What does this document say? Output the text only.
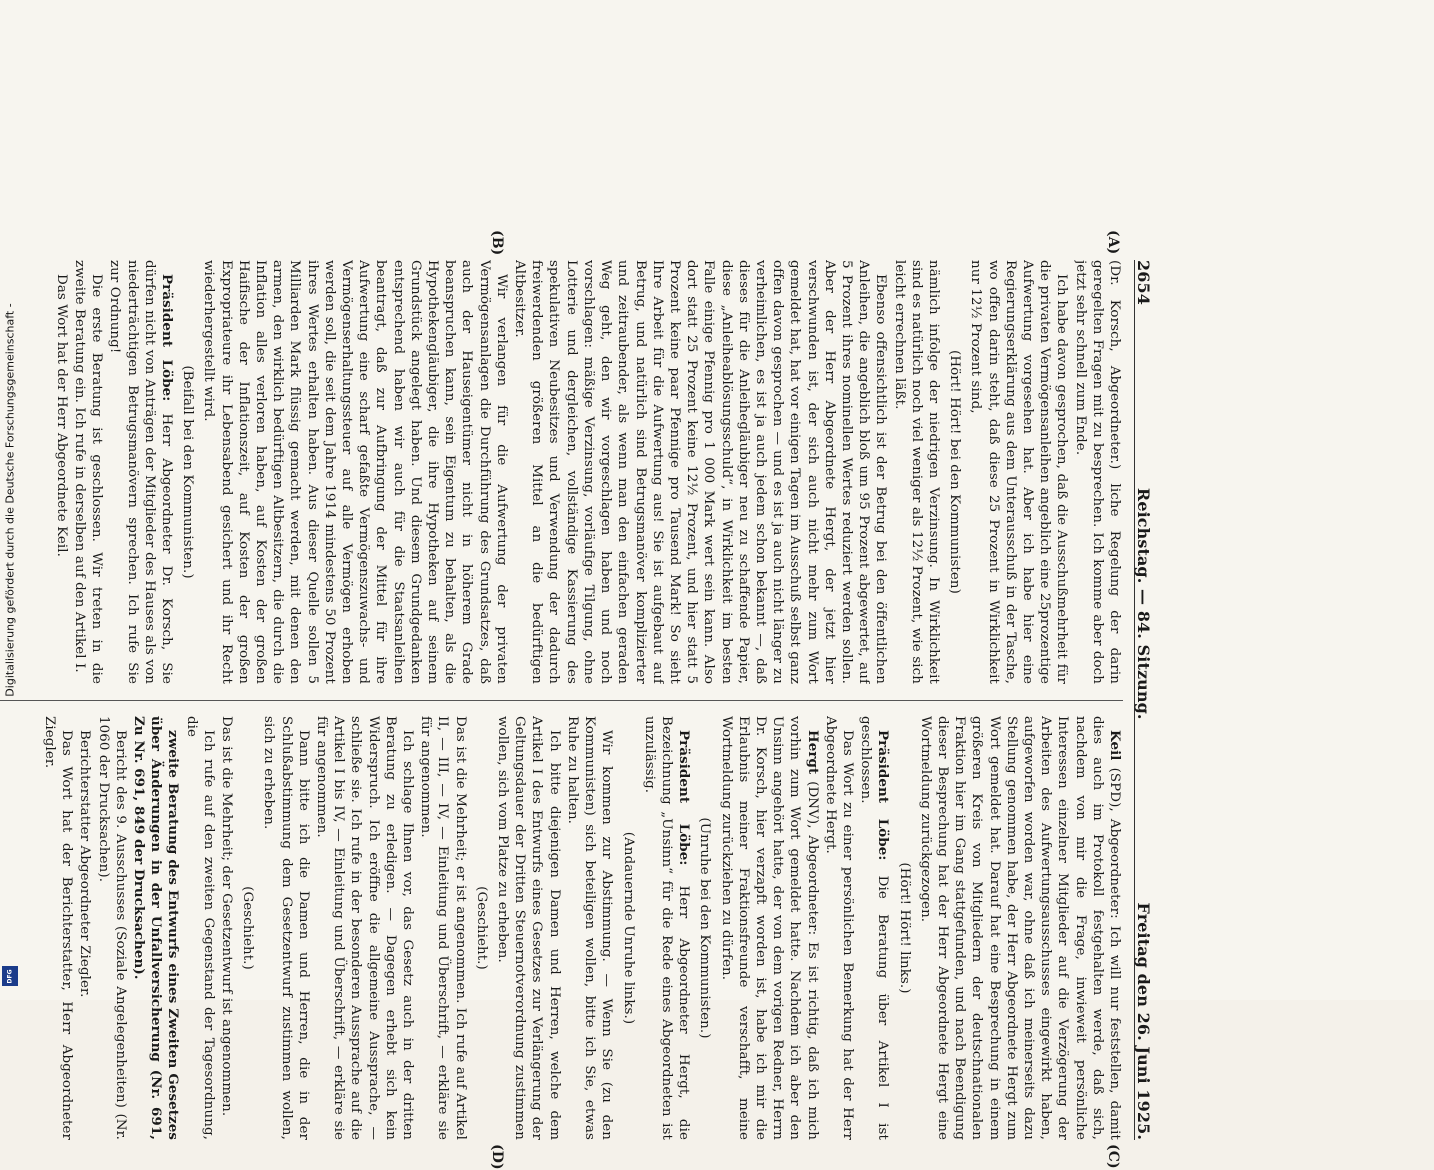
Digitalisierung gefördert durch die Deutsche Forschungsgemeinschaft -
DFG
2654
Reichstag. — 84. Sitzung.
Freitag den 26. Juni 1925.
(A)
(B)
(C)
(D)

(Dr. Korsch, Abgeordneter.) liche Regelung der darin geregelten Fragen mit zu besprechen. Ich komme aber doch jetzt sehr schnell zum Ende.

Ich habe davon gesprochen, daß die Ausschußmehrheit für die privaten Vermögensanleihen angeblich eine 25prozentige Aufwertung vorgesehen hat. Aber ich habe hier eine Regierungserklärung aus dem Unterausschuß in der Tasche, wo offen darin steht, daß diese 25 Prozent in Wirklichkeit nur 12½ Prozent sind,

(Hört! Hört! bei den Kommunisten)

nämlich infolge der niedrigen Verzinsung. In Wirklichkeit sind es natürlich noch viel weniger als 12½ Prozent, wie sich leicht errechnen läßt.

Ebenso offensichtlich ist der Betrug bei den öffentlichen Anleihen, die angeblich bloß um 95 Prozent abgewertet, auf 5 Prozent ihres nominellen Wertes reduziert werden sollen. Aber der Herr Abgeordnete Hergt, der jetzt hier verschwunden ist, der sich auch nicht mehr zum Wort gemeldet hat, hat vor einigen Tagen im Ausschuß selbst ganz offen davon gesprochen — und es ist ja auch nicht länger zu verheimlichen, es ist ja auch jedem schon bekannt —, daß dieses für die Anleihegläubiger neu zu schaffende Papier, diese „Anleiheablösungsschuld“, in Wirklichkeit im besten Falle einige Pfennig pro 1 000 Mark wert sein kann. Also dort statt 25 Prozent keine 12½ Prozent, und hier statt 5 Prozent keine paar Pfennige pro Tausend Mark! So sieht Ihre Arbeit für die Aufwertung aus! Sie ist aufgebaut auf Betrug, und natürlich sind Betrugsmanöver komplizierter und zeitraubender, als wenn man den einfachen geraden Weg geht, den wir vorgeschlagen haben und noch vorschlagen: mäßige Verzinsung, vorläufige Tilgung, ohne Lotterie und dergleichen, vollständige Kassierung des spekulativen Neubesitzes und Verwendung der dadurch freiwerdenden größeren Mittel an die bedürftigen Altbesitzer.

Wir verlangen für die Aufwertung der privaten Vermögensanlagen die Durchführung des Grundsatzes, daß auch der Hauseigentümer nicht in höherem Grade beanspruchen kann, sein Eigentum zu behalten, als die Hypothekengläubiger, die ihre Hypotheken auf seinem Grundstück angelegt haben. Und diesem Grundgedanken entsprechend haben wir auch für die Staatsanleihen beantragt, daß zur Aufbringung der Mittel für ihre Aufwertung eine scharf gefaßte Vermögenszuwachs- und Vermögenserhaltungssteuer auf alle Vermögen erhoben werden soll, die seit dem Jahre 1914 mindestens 50 Prozent ihres Wertes erhalten haben. Aus dieser Quelle sollen 5 Milliarden Mark flüssig gemacht werden, mit denen den armen, den wirklich bedürftigen Altbesitzern, die durch die Inflation alles verloren haben, auf Kosten der großen Haifische der Inflationszeit, auf Kosten der großen Expropriateure ihr Lebensabend gesichert und ihr Recht wiederhergestellt wird.

(Beifall bei den Kommunisten.)

Präsident Löbe: Herr Abgeordneter Dr. Korsch, Sie dürfen nicht von Anträgen der Mitglieder des Hauses als von niederträchtigen Betrugsmanövern sprechen. Ich rufe Sie zur Ordnung!

Die erste Beratung ist geschlossen. Wir treten in die zweite Beratung ein. Ich rufe in derselben auf den Artikel I.

Das Wort hat der Herr Abgeordnete Keil.

Keil (SPD), Abgeordneter: Ich will nur feststellen, damit dies auch im Protokoll festgehalten werde, daß sich, nachdem von mir die Frage, inwieweit persönliche Interessen einzelner Mitglieder auf die Verzögerung der Arbeiten des Aufwertungsausschusses eingewirkt haben, aufgeworfen worden war, ohne daß ich meinerseits dazu Stellung genommen habe, der Herr Abgeordnete Hergt zum Wort gemeldet hat. Darauf hat eine Besprechung in einem größeren Kreis von Mitgliedern der deutschnationalen Fraktion hier im Gang stattgefunden, und nach Beendigung dieser Besprechung hat der Herr Abgeordnete Hergt eine Wortmeldung zurückgezogen.

(Hört! Hört! links.)

Präsident Löbe: Die Beratung über Artikel I ist geschlossen.

Das Wort zu einer persönlichen Bemerkung hat der Herr Abgeordnete Hergt.

Hergt (DNV), Abgeordneter: Es ist richtig, daß ich mich vorhin zum Wort gemeldet hatte. Nachdem ich aber den Unsinn angehört hatte, der von dem vorigen Redner, Herrn Dr. Korsch, hier verzapft worden ist, habe ich mir die Erlaubnis meiner Fraktionsfreunde verschafft, meine Wortmeldung zurückziehen zu dürfen.

(Unruhe bei den Kommunisten.)

Präsident Löbe: Herr Abgeordneter Hergt, die Bezeichnung „Unsinn“ für die Rede eines Abgeordneten ist unzulässig.

(Andauernde Unruhe links.)

Wir kommen zur Abstimmung. — Wenn Sie (zu den Kommunisten) sich beteiligen wollen, bitte ich Sie, etwas Ruhe zu halten.

Ich bitte diejenigen Damen und Herren, welche dem Artikel I des Entwurfs eines Gesetzes zur Verlängerung der Geltungsdauer der Dritten Steuernotverordnung zustimmen wollen, sich vom Platze zu erheben.

(Geschieht.)

Das ist die Mehrheit; er ist angenommen. Ich rufe auf Artikel II, — III, — IV, — Einleitung und Überschrift, — erkläre sie für angenommen.

Ich schlage Ihnen vor, das Gesetz auch in der dritten Beratung zu erledigen. — Dagegen erhebt sich kein Widerspruch. Ich eröffne die allgemeine Aussprache, — schließe sie. Ich rufe in der besonderen Aussprache auf die Artikel I bis IV, — Einleitung und Überschrift, — erkläre sie für angenommen.

Dann bitte ich die Damen und Herren, die in der Schlußabstimmung dem Gesetzentwurf zustimmen wollen, sich zu erheben.

(Geschieht.)

Das ist die Mehrheit; der Gesetzentwurf ist angenommen.

Ich rufe auf den zweiten Gegenstand der Tagesordnung, die

zweite Beratung des Entwurfs eines Zweiten Gesetzes über Änderungen in der Unfallversicherung (Nr. 691, Zu Nr. 691, 849 der Drucksachen).

Bericht des 9. Ausschusses (Soziale Angelegenheiten) (Nr. 1060 der Drucksachen).

Berichterstatter Abgeordneter Ziegler.

Das Wort hat der Berichterstatter, Herr Abgeordneter Ziegler.
